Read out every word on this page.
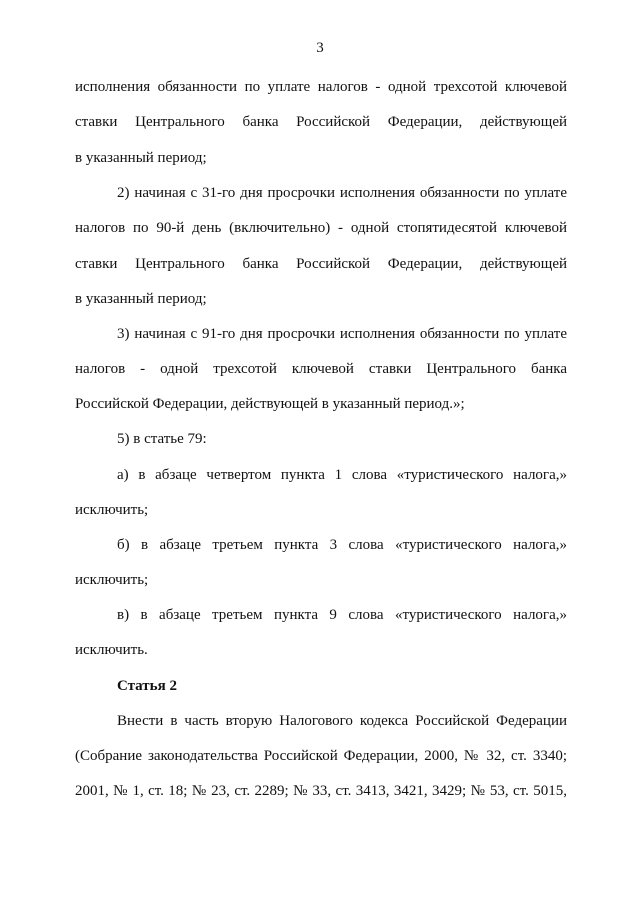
3
исполнения обязанности по уплате налогов - одной трехсотой ключевой
ставки Центрального банка Российской Федерации, действующей
в указанный период;
2) начиная с 31-го дня просрочки исполнения обязанности по уплате
налогов по 90-й день (включительно) - одной стопятидесятой ключевой
ставки Центрального банка Российской Федерации, действующей
в указанный период;
3) начиная с 91-го дня просрочки исполнения обязанности по уплате
налогов - одной трехсотой ключевой ставки Центрального банка
Российской Федерации, действующей в указанный период.»;
5) в статье 79:
а) в абзаце четвертом пункта 1 слова «туристического налога,»
исключить;
б) в абзаце третьем пункта 3 слова «туристического налога,»
исключить;
в) в абзаце третьем пункта 9 слова «туристического налога,»
исключить.
Статья 2
Внести в часть вторую Налогового кодекса Российской Федерации
(Собрание законодательства Российской Федерации, 2000, № 32, ст. 3340;
2001, № 1, ст. 18; № 23, ст. 2289; № 33, ст. 3413, 3421, 3429; № 53, ст. 5015,
